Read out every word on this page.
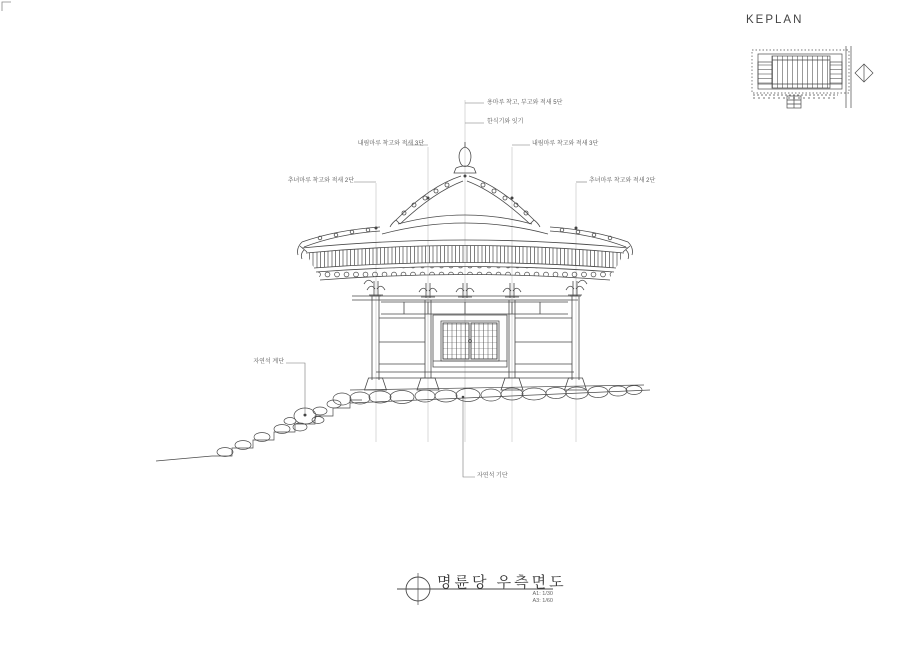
용마루 착고, 부고와 적새 5단
한식기와 잇기
내림마루 착고와 적새 3단	내림마루 착고와 적새 3단
추녀마루 착고와 적새 2단	추녀마루 착고와 적새 2단
자연석 계단
자연석 기단
KEPLAN
명륜당 우측면도
A1: 1/30
A3: 1/60
